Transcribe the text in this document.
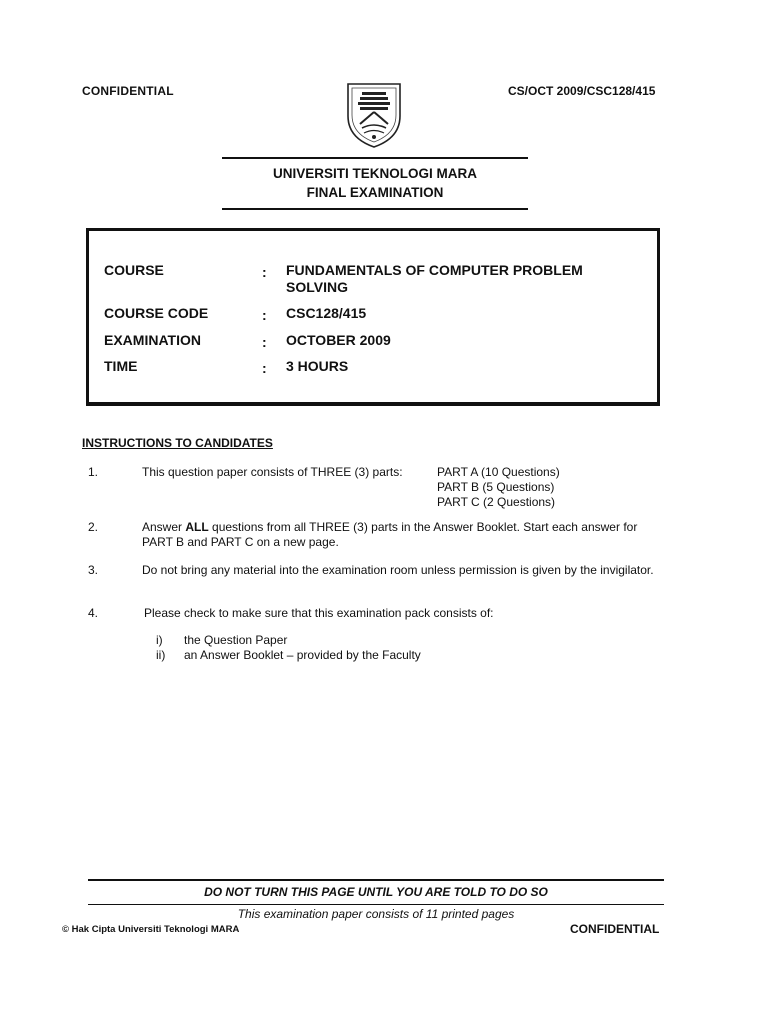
CONFIDENTIAL	CS/OCT 2009/CSC128/415
UNIVERSITI TEKNOLOGI MARA
FINAL EXAMINATION
COURSE	: FUNDAMENTALS OF COMPUTER PROBLEM
SOLVING
COURSE CODE	: CSC128/415
EXAMINATION	: OCTOBER 2009
TIME	: 3 HOURS
INSTRUCTIONS TO CANDIDATES
1.	This question paper consists of THREE (3) parts:	PART A (10 Questions)
PART B (5 Questions)
PART C (2 Questions)
2.	Answer ALL questions from all THREE (3) parts in the Answer Booklet. Start each answer for PART B and PART C on a new page.
3.	Do not bring any material into the examination room unless permission is given by the invigilator.
4.	Please check to make sure that this examination pack consists of:
i)	the Question Paper
ii)	an Answer Booklet – provided by the Faculty
DO NOT TURN THIS PAGE UNTIL YOU ARE TOLD TO DO SO
This examination paper consists of 11 printed pages
© Hak Cipta Universiti Teknologi MARA	CONFIDENTIAL
